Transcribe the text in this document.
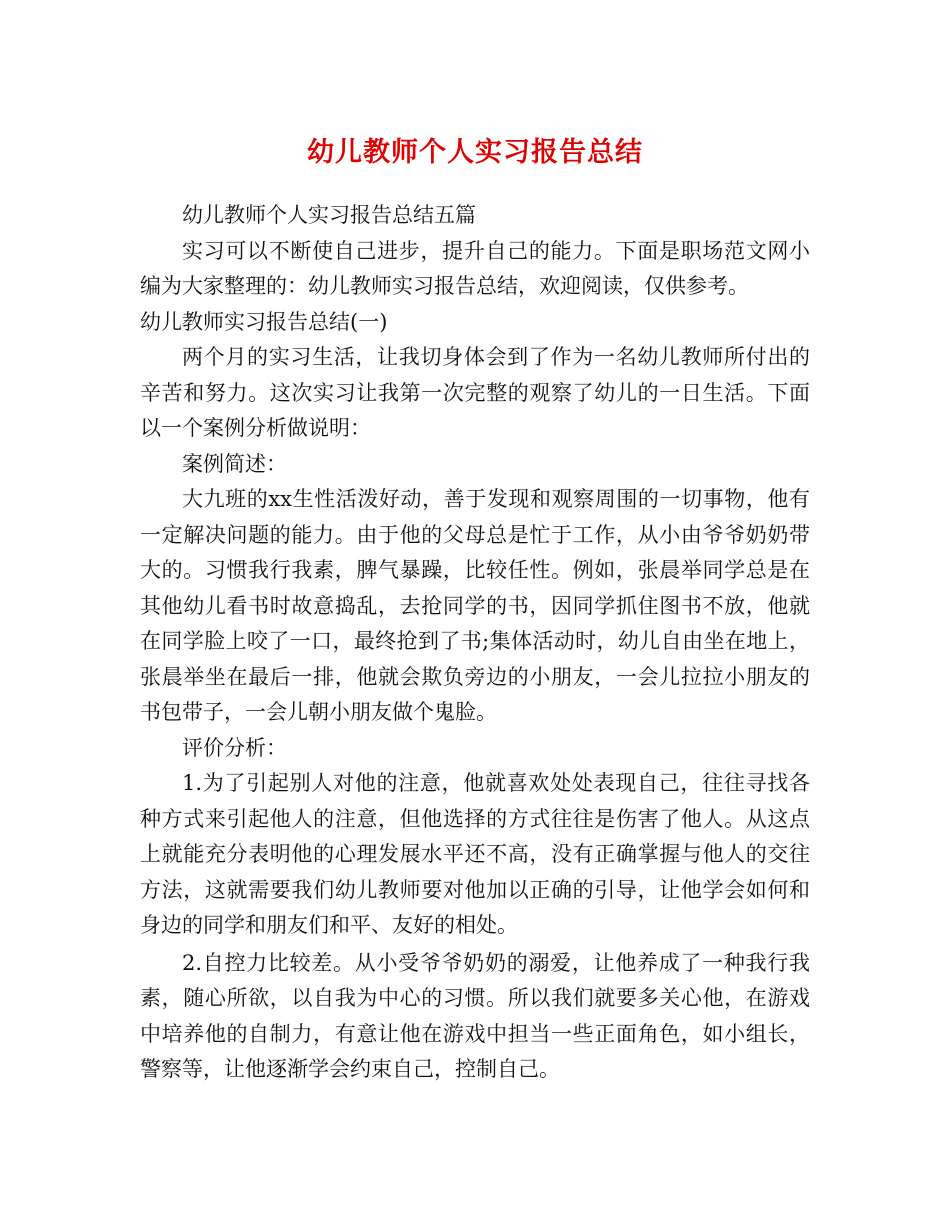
幼儿教师个人实习报告总结

幼儿教师个人实习报告总结五篇

实习可以不断使自己进步，提升自己的能力。下面是职场范文网小编为大家整理的：幼儿教师实习报告总结，欢迎阅读，仅供参考。

幼儿教师实习报告总结(一)

两个月的实习生活，让我切身体会到了作为一名幼儿教师所付出的辛苦和努力。这次实习让我第一次完整的观察了幼儿的一日生活。下面以一个案例分析做说明：

案例简述：

大九班的xx生性活泼好动，善于发现和观察周围的一切事物，他有一定解决问题的能力。由于他的父母总是忙于工作，从小由爷爷奶奶带大的。习惯我行我素，脾气暴躁，比较任性。例如，张晨举同学总是在其他幼儿看书时故意捣乱，去抢同学的书，因同学抓住图书不放，他就在同学脸上咬了一口，最终抢到了书;集体活动时，幼儿自由坐在地上，张晨举坐在最后一排，他就会欺负旁边的小朋友，一会儿拉拉小朋友的书包带子，一会儿朝小朋友做个鬼脸。

评价分析：

1.为了引起别人对他的注意，他就喜欢处处表现自己，往往寻找各种方式来引起他人的注意，但他选择的方式往往是伤害了他人。从这点上就能充分表明他的心理发展水平还不高，没有正确掌握与他人的交往方法，这就需要我们幼儿教师要对他加以正确的引导，让他学会如何和身边的同学和朋友们和平、友好的相处。

2.自控力比较差。从小受爷爷奶奶的溺爱，让他养成了一种我行我素，随心所欲，以自我为中心的习惯。所以我们就要多关心他，在游戏中培养他的自制力，有意让他在游戏中担当一些正面角色，如小组长，警察等，让他逐渐学会约束自己，控制自己。
